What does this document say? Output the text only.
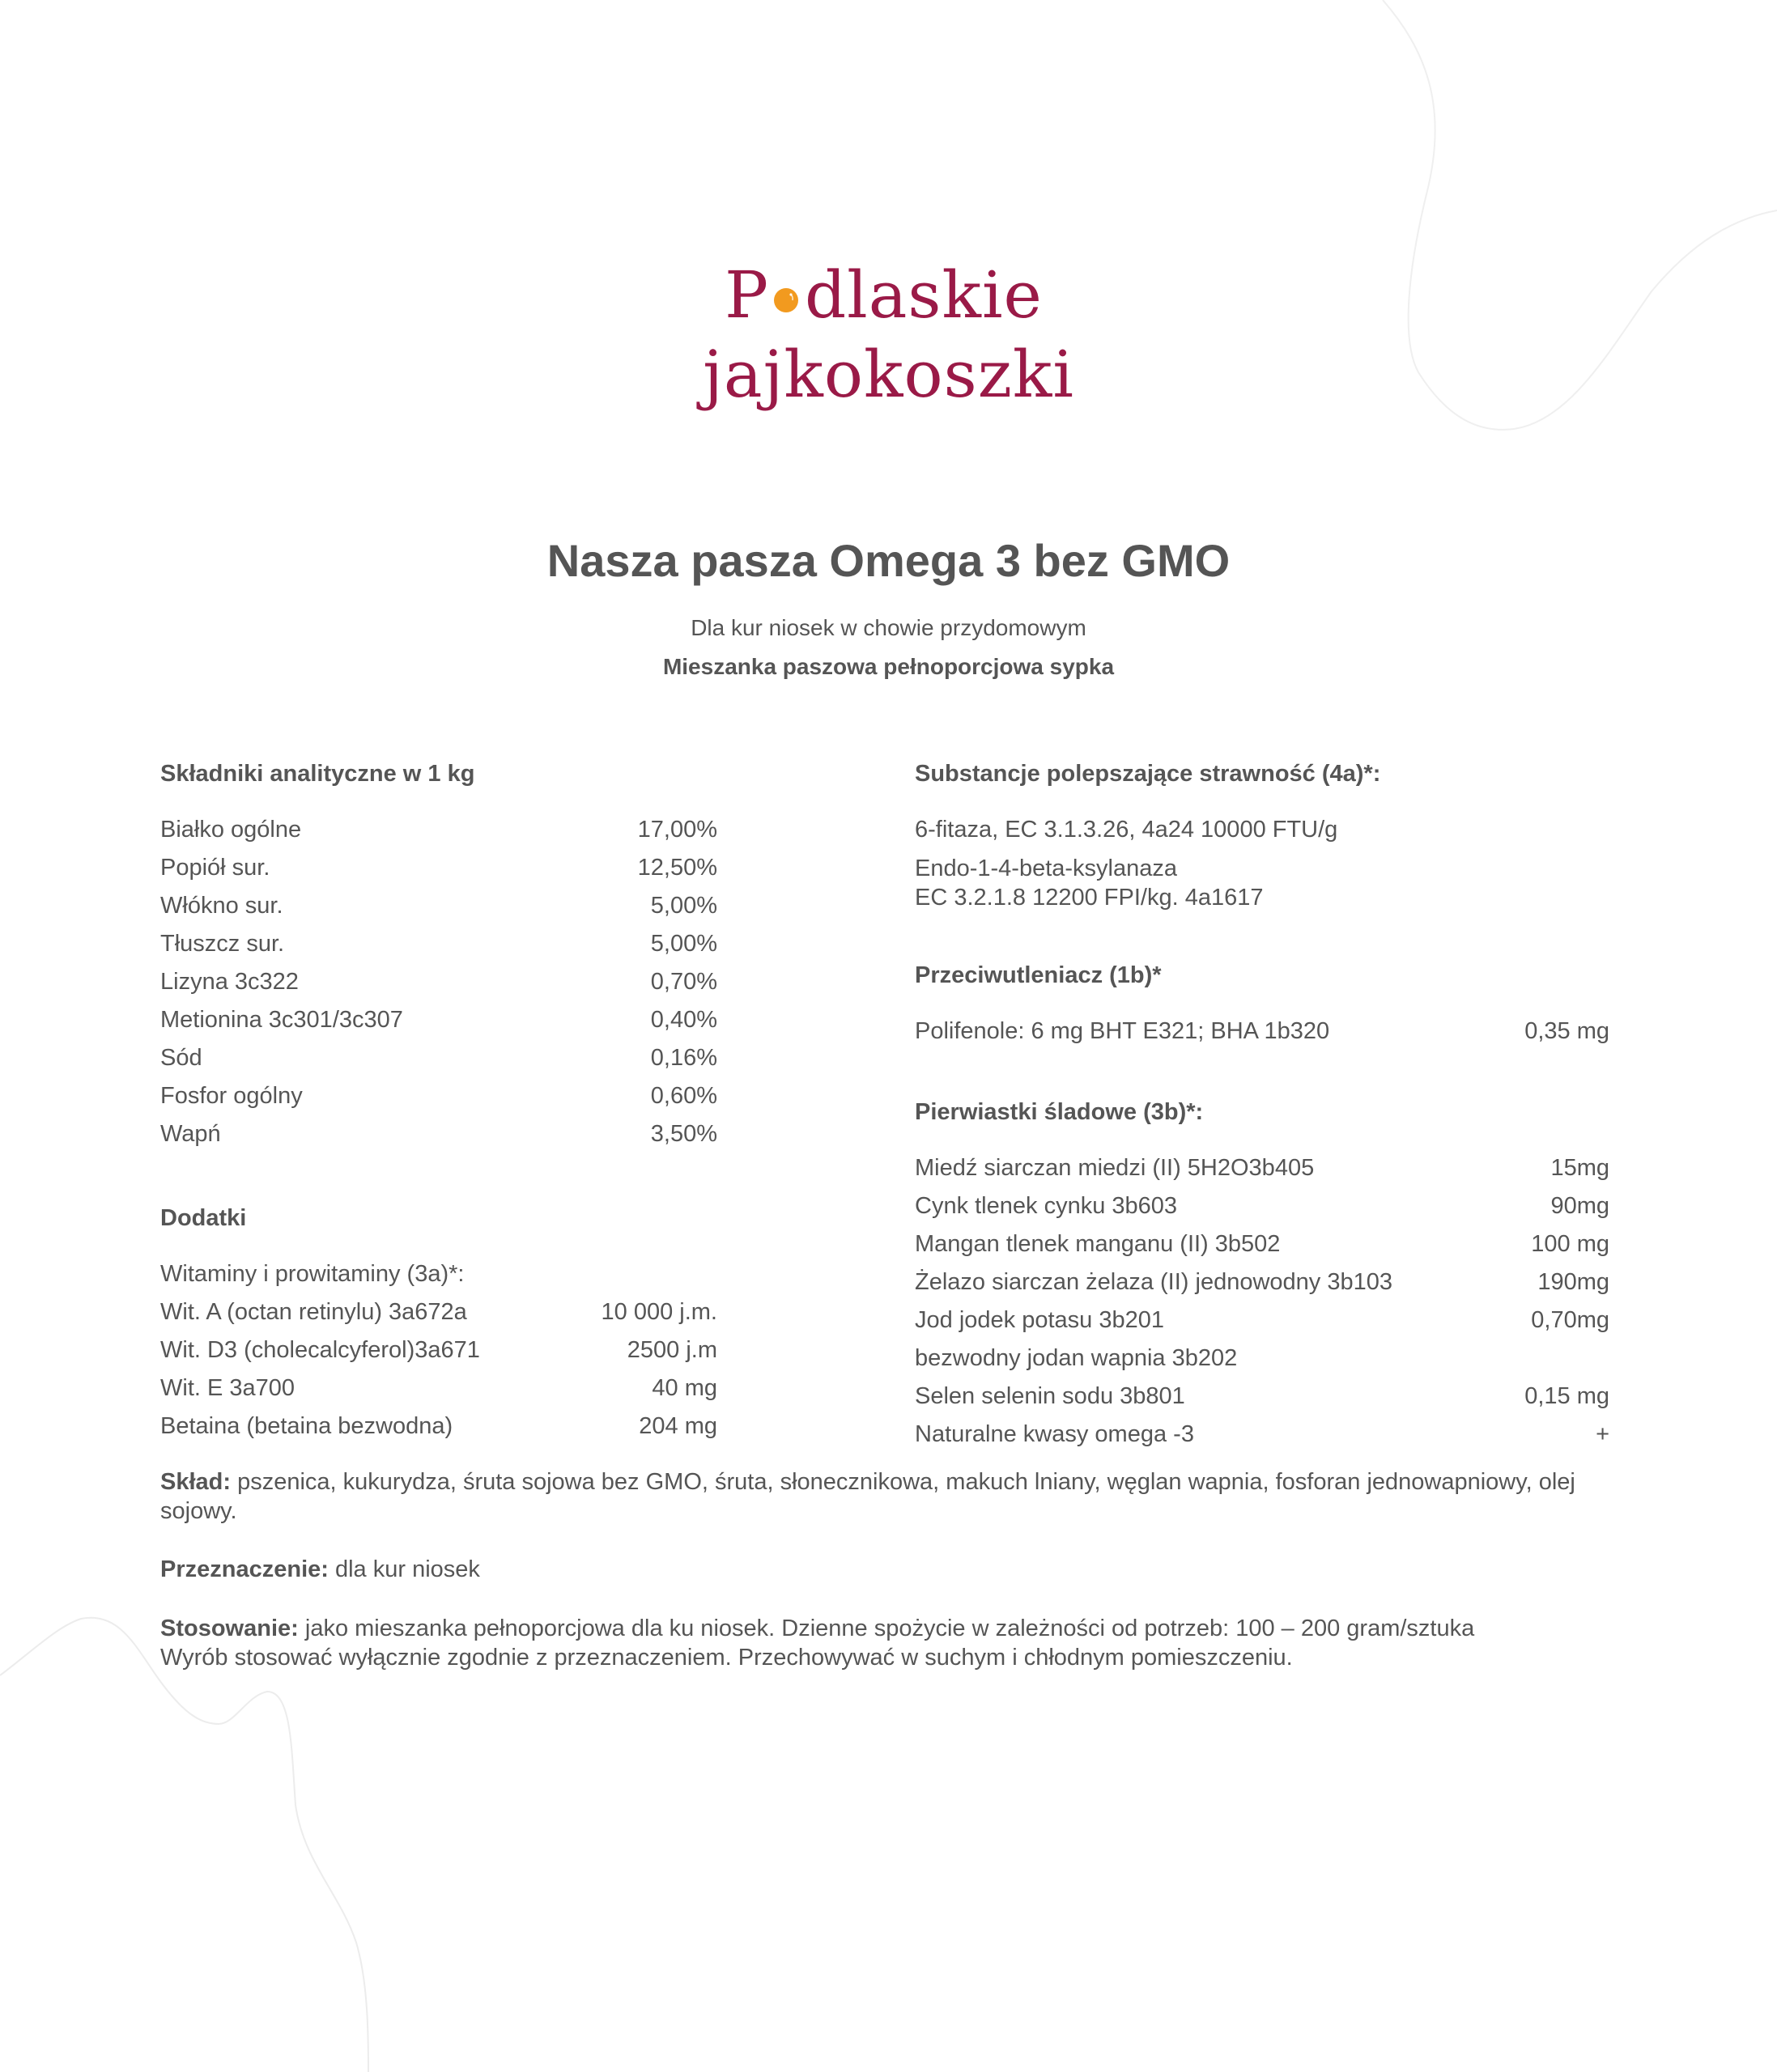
P dlaskie
jajkokoszki
Nasza pasza Omega 3 bez GMO
Dla kur niosek w chowie przydomowym
Mieszanka paszowa pełnoporcjowa sypka
Składniki analityczne w 1 kg
Białko ogólne	17,00%
Popiół sur.	12,50%
Włókno sur.	5,00%
Tłuszcz sur.	5,00%
Lizyna 3c322	0,70%
Metionina 3c301/3c307	0,40%
Sód	0,16%
Fosfor ogólny	0,60%
Wapń	3,50%
Dodatki
Witaminy i prowitaminy (3a)*:
Wit. A (octan retinylu) 3a672a	10 000 j.m.
Wit. D3 (cholecalcyferol)3a671	2500 j.m
Wit. E 3a700	40 mg
Betaina (betaina bezwodna)	204 mg
Substancje polepszające strawność (4a)*:
6-fitaza, EC 3.1.3.26, 4a24 10000 FTU/g
Endo-1-4-beta-ksylanaza
EC 3.2.1.8 12200 FPI/kg. 4a1617
Przeciwutleniacz (1b)*
Polifenole: 6 mg BHT E321; BHA 1b320	0,35 mg
Pierwiastki śladowe (3b)*:
Miedź siarczan miedzi (II) 5H2O3b405	15mg
Cynk tlenek cynku 3b603	90mg
Mangan tlenek manganu (II) 3b502	100 mg
Żelazo siarczan żelaza (II) jednowodny 3b103	190mg
Jod jodek potasu 3b201	0,70mg
bezwodny jodan wapnia 3b202
Selen selenin sodu 3b801	0,15 mg
Naturalne kwasy omega -3	+
Skład: pszenica, kukurydza, śruta sojowa bez GMO, śruta, słonecznikowa, makuch lniany, węglan wapnia, fosforan jednowapniowy, olej sojowy.
Przeznaczenie: dla kur niosek
Stosowanie: jako mieszanka pełnoporcjowa dla ku niosek. Dzienne spożycie w zależności od potrzeb: 100 – 200 gram/sztuka
Wyrób stosować wyłącznie zgodnie z przeznaczeniem. Przechowywać w suchym i chłodnym pomieszczeniu.
